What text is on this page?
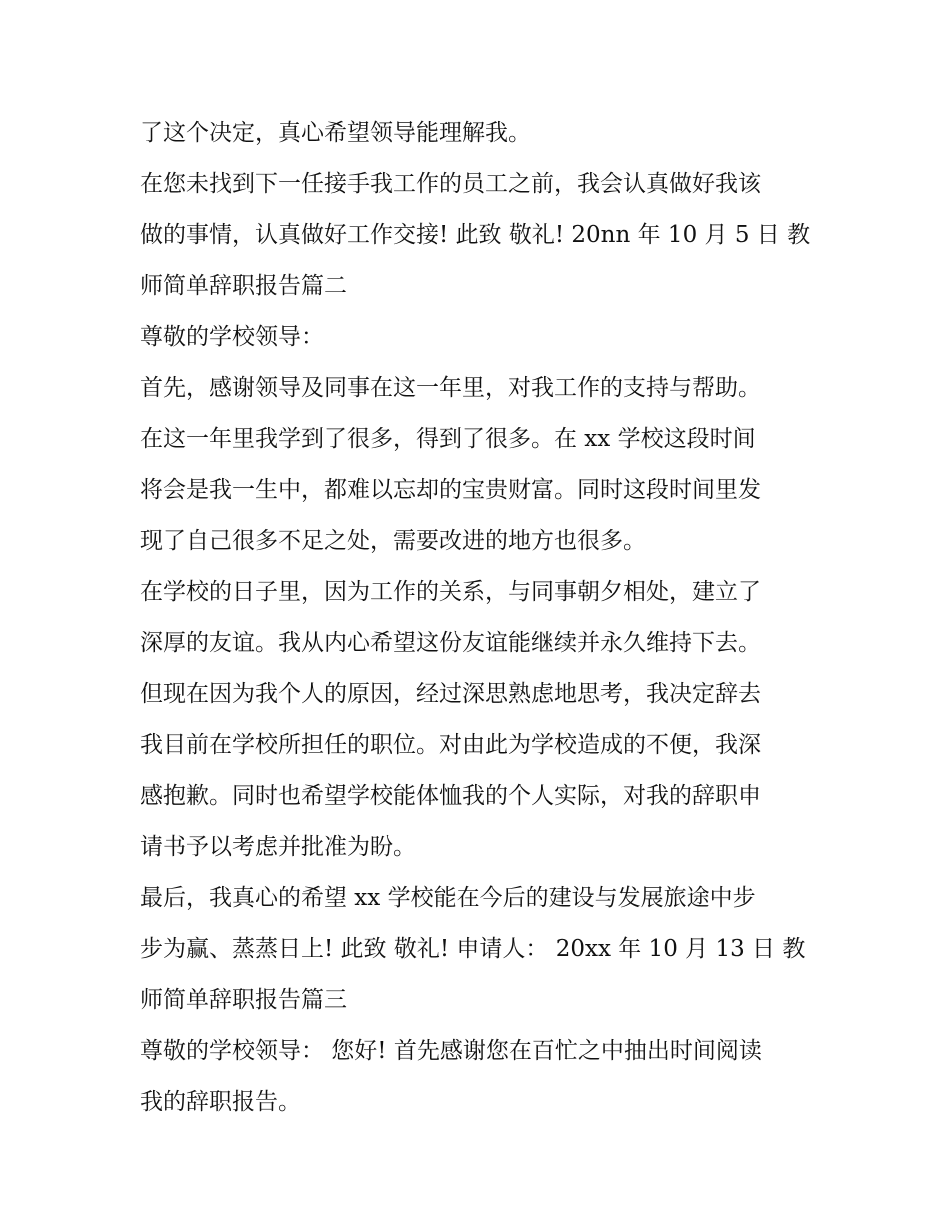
了这个决定，真心希望领导能理解我。
在您未找到下一任接手我工作的员工之前，我会认真做好我该
做的事情，认真做好工作交接! 此致 敬礼! 20nn 年 10 月 5 日 教
师简单辞职报告篇二
尊敬的学校领导：
首先，感谢领导及同事在这一年里，对我工作的支持与帮助。
在这一年里我学到了很多，得到了很多。在 xx 学校这段时间
将会是我一生中，都难以忘却的宝贵财富。同时这段时间里发
现了自己很多不足之处，需要改进的地方也很多。
在学校的日子里，因为工作的关系，与同事朝夕相处，建立了
深厚的友谊。我从内心希望这份友谊能继续并永久维持下去。
但现在因为我个人的原因，经过深思熟虑地思考，我决定辞去
我目前在学校所担任的职位。对由此为学校造成的不便，我深
感抱歉。同时也希望学校能体恤我的个人实际，对我的辞职申
请书予以考虑并批准为盼。
最后，我真心的希望 xx 学校能在今后的建设与发展旅途中步
步为赢、蒸蒸日上! 此致 敬礼! 申请人： 20xx 年 10 月 13 日 教
师简单辞职报告篇三
尊敬的学校领导： 您好! 首先感谢您在百忙之中抽出时间阅读
我的辞职报告。
